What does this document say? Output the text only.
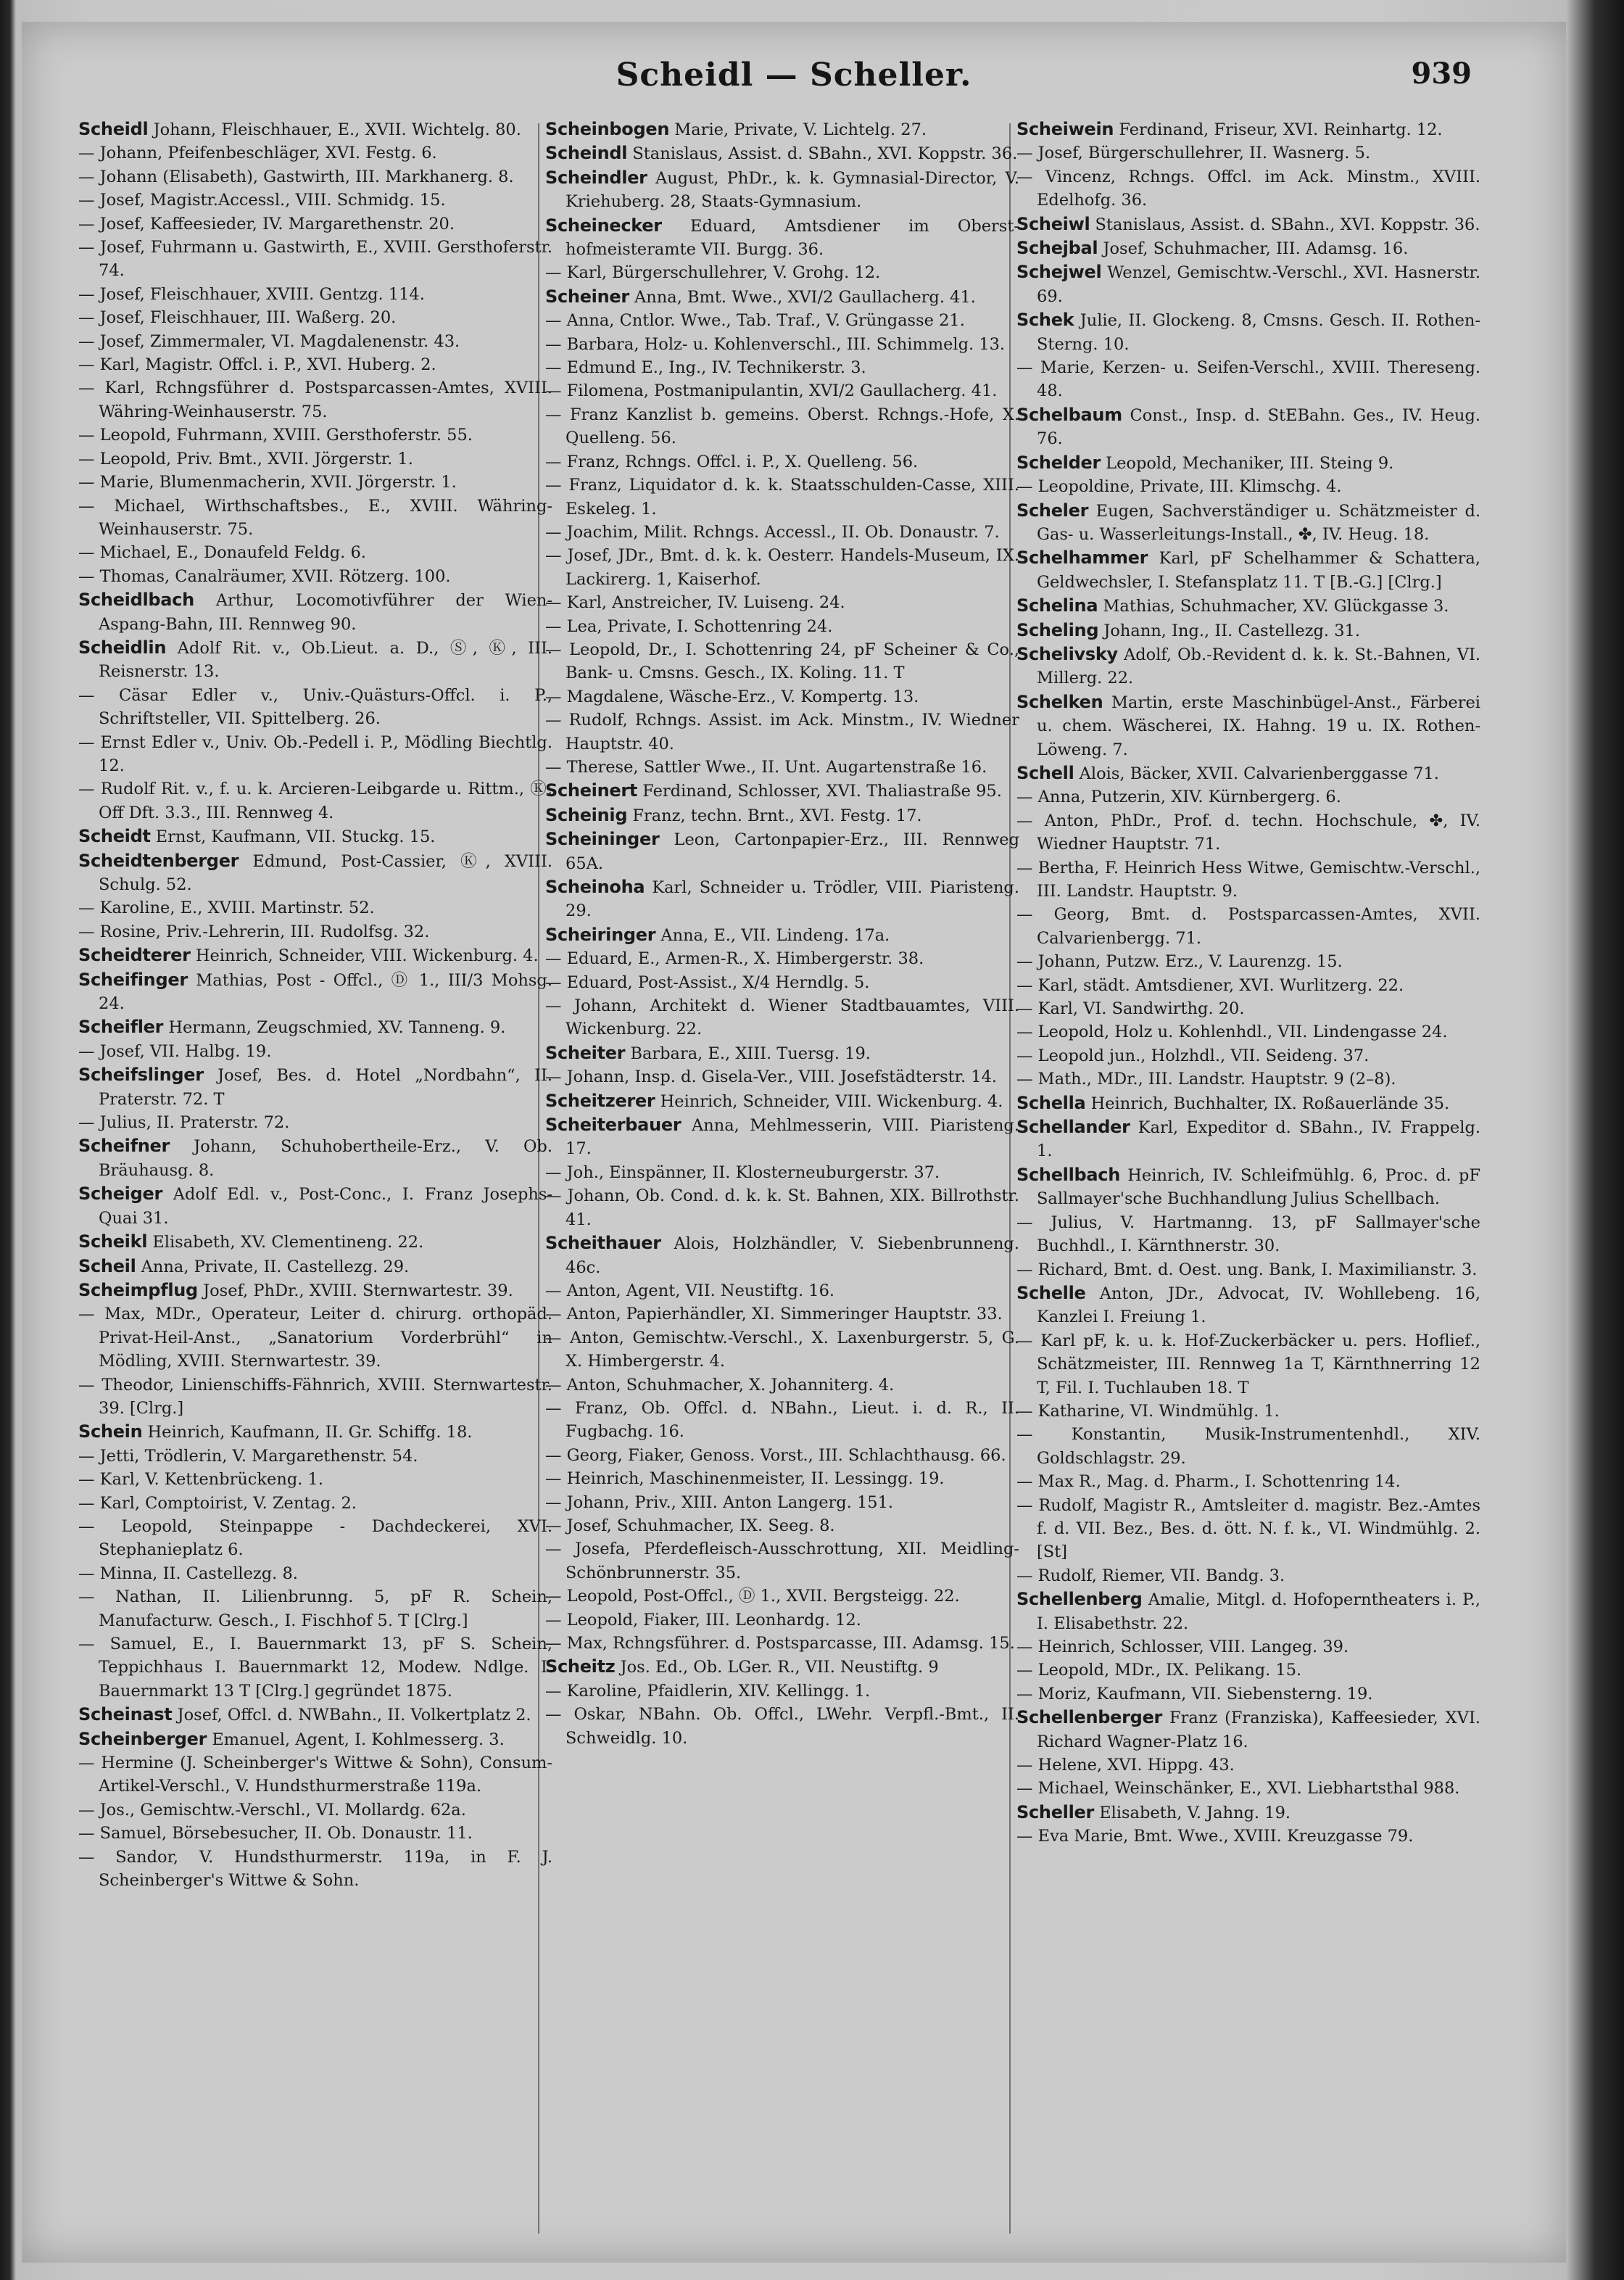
Scheidl — Scheller.	939

Scheidl Johann, Fleischhauer, E., XVII. Wichtelg. 80.

— Johann, Pfeifenbeschläger, XVI. Festg. 6.

— Johann (Elisabeth), Gastwirth, III. Markhanerg. 8.

— Josef, Magistr.Accessl., VIII. Schmidg. 15.

— Josef, Kaffeesieder, IV. Margarethenstr. 20.

— Josef, Fuhrmann u. Gastwirth, E., XVIII. Gersthoferstr. 74.

— Josef, Fleischhauer, XVIII. Gentzg. 114.

— Josef, Fleischhauer, III. Waßerg. 20.

— Josef, Zimmermaler, VI. Magdalenenstr. 43.

— Karl, Magistr. Offcl. i. P., XVI. Huberg. 2.

— Karl, Rchngsführer d. Postsparcassen-Amtes, XVIII. Währing-Weinhauserstr. 75.

— Leopold, Fuhrmann, XVIII. Gersthoferstr. 55.

— Leopold, Priv. Bmt., XVII. Jörgerstr. 1.

— Marie, Blumenmacherin, XVII. Jörgerstr. 1.

— Michael, Wirthschaftsbes., E., XVIII. Währing-Weinhauserstr. 75.

— Michael, E., Donaufeld Feldg. 6.

— Thomas, Canalräumer, XVII. Rötzerg. 100.

Scheidlbach Arthur, Locomotivführer der Wien-Aspang-Bahn, III. Rennweg 90.

Scheidlin Adolf Rit. v., Ob.Lieut. a. D., Ⓢ, Ⓚ, III. Reisnerstr. 13.

— Cäsar Edler v., Univ.-Quästurs-Offcl. i. P., Schriftsteller, VII. Spittelberg. 26.

— Ernst Edler v., Univ. Ob.-Pedell i. P., Mödling Biechtlg. 12.

— Rudolf Rit. v., f. u. k. Arcieren-Leibgarde u. Rittm., Ⓚ, Off Dft. 3.3., III. Rennweg 4.

Scheidt Ernst, Kaufmann, VII. Stuckg. 15.

Scheidtenberger Edmund, Post-Cassier, Ⓚ, XVIII. Schulg. 52.

— Karoline, E., XVIII. Martinstr. 52.

— Rosine, Priv.-Lehrerin, III. Rudolfsg. 32.

Scheidterer Heinrich, Schneider, VIII. Wickenburg. 4.

Scheifinger Mathias, Post - Offcl., Ⓓ 1., III/3 Mohsg. 24.

Scheifler Hermann, Zeugschmied, XV. Tanneng. 9.

— Josef, VII. Halbg. 19.

Scheifslinger Josef, Bes. d. Hotel „Nordbahn“, II. Praterstr. 72. T

— Julius, II. Praterstr. 72.

Scheifner Johann, Schuhobertheile-Erz., V. Ob. Bräuhausg. 8.

Scheiger Adolf Edl. v., Post-Conc., I. Franz Josephs-Quai 31.

Scheikl Elisabeth, XV. Clementineng. 22.

Scheil Anna, Private, II. Castellezg. 29.

Scheimpflug Josef, PhDr., XVIII. Sternwartestr. 39.

— Max, MDr., Operateur, Leiter d. chirurg. orthopäd. Privat-Heil-Anst., „Sanatorium Vorderbrühl“ in Mödling, XVIII. Sternwartestr. 39.

— Theodor, Linienschiffs-Fähnrich, XVIII. Sternwartestr. 39. [Clrg.]

Schein Heinrich, Kaufmann, II. Gr. Schiffg. 18.

— Jetti, Trödlerin, V. Margarethenstr. 54.

— Karl, V. Kettenbrückeng. 1.

— Karl, Comptoirist, V. Zentag. 2.

— Leopold, Steinpappe - Dachdeckerei, XVI. Stephanieplatz 6.

— Minna, II. Castellezg. 8.

— Nathan, II. Lilienbrunng. 5, pF R. Schein, Manufacturw. Gesch., I. Fischhof 5. T [Clrg.]

— Samuel, E., I. Bauernmarkt 13, pF S. Schein, Teppichhaus I. Bauernmarkt 12, Modew. Ndlge. I. Bauernmarkt 13 T [Clrg.] gegründet 1875.

Scheinast Josef, Offcl. d. NWBahn., II. Volkertplatz 2.

Scheinberger Emanuel, Agent, I. Kohlmesserg. 3.

— Hermine (J. Scheinberger's Wittwe & Sohn), Consum-Artikel-Verschl., V. Hundsthurmerstraße 119a.

— Jos., Gemischtw.-Verschl., VI. Mollardg. 62a.

— Samuel, Börsebesucher, II. Ob. Donaustr. 11.

— Sandor, V. Hundsthurmerstr. 119a, in F. J. Scheinberger's Wittwe & Sohn.

Scheinbogen Marie, Private, V. Lichtelg. 27.

Scheindl Stanislaus, Assist. d. SBahn., XVI. Koppstr. 36.

Scheindler August, PhDr., k. k. Gymnasial-Director, V. Kriehuberg. 28, Staats-Gymnasium.

Scheinecker Eduard, Amtsdiener im Oberst-hofmeisteramte VII. Burgg. 36.

— Karl, Bürgerschullehrer, V. Grohg. 12.

Scheiner Anna, Bmt. Wwe., XVI/2 Gaullacherg. 41.

— Anna, Cntlor. Wwe., Tab. Traf., V. Grüngasse 21.

— Barbara, Holz- u. Kohlenverschl., III. Schimmelg. 13.

— Edmund E., Ing., IV. Technikerstr. 3.

— Filomena, Postmanipulantin, XVI/2 Gaullacherg. 41.

— Franz Kanzlist b. gemeins. Oberst. Rchngs.-Hofe, X. Quelleng. 56.

— Franz, Rchngs. Offcl. i. P., X. Quelleng. 56.

— Franz, Liquidator d. k. k. Staatsschulden-Casse, XIII. Eskeleg. 1.

— Joachim, Milit. Rchngs. Accessl., II. Ob. Donaustr. 7.

— Josef, JDr., Bmt. d. k. k. Oesterr. Handels-Museum, IX. Lackirerg. 1, Kaiserhof.

— Karl, Anstreicher, IV. Luiseng. 24.

— Lea, Private, I. Schottenring 24.

— Leopold, Dr., I. Schottenring 24, pF Scheiner & Co., Bank- u. Cmsns. Gesch., IX. Koling. 11. T

— Magdalene, Wäsche-Erz., V. Kompertg. 13.

— Rudolf, Rchngs. Assist. im Ack. Minstm., IV. Wiedner Hauptstr. 40.

— Therese, Sattler Wwe., II. Unt. Augartenstraße 16.

Scheinert Ferdinand, Schlosser, XVI. Thaliastraße 95.

Scheinig Franz, techn. Brnt., XVI. Festg. 17.

Scheininger Leon, Cartonpapier-Erz., III. Rennweg 65A.

Scheinoha Karl, Schneider u. Trödler, VIII. Piaristeng. 29.

Scheiringer Anna, E., VII. Lindeng. 17a.

— Eduard, E., Armen-R., X. Himbergerstr. 38.

— Eduard, Post-Assist., X/4 Herndlg. 5.

— Johann, Architekt d. Wiener Stadtbauamtes, VIII. Wickenburg. 22.

Scheiter Barbara, E., XIII. Tuersg. 19.

— Johann, Insp. d. Gisela-Ver., VIII. Josefstädterstr. 14.

Scheitzerer Heinrich, Schneider, VIII. Wickenburg. 4.

Scheiterbauer Anna, Mehlmesserin, VIII. Piaristeng. 17.

— Joh., Einspänner, II. Klosterneuburgerstr. 37.

— Johann, Ob. Cond. d. k. k. St. Bahnen, XIX. Billrothstr. 41.

Scheithauer Alois, Holzhändler, V. Siebenbrunneng. 46c.

— Anton, Agent, VII. Neustiftg. 16.

— Anton, Papierhändler, XI. Simmeringer Hauptstr. 33.

— Anton, Gemischtw.-Verschl., X. Laxenburgerstr. 5, G. X. Himbergerstr. 4.

— Anton, Schuhmacher, X. Johanniterg. 4.

— Franz, Ob. Offcl. d. NBahn., Lieut. i. d. R., II. Fugbachg. 16.

— Georg, Fiaker, Genoss. Vorst., III. Schlachthausg. 66.

— Heinrich, Maschinenmeister, II. Lessingg. 19.

— Johann, Priv., XIII. Anton Langerg. 151.

— Josef, Schuhmacher, IX. Seeg. 8.

— Josefa, Pferdefleisch-Ausschrottung, XII. Meidling-Schönbrunnerstr. 35.

— Leopold, Post-Offcl., Ⓓ 1., XVII. Bergsteigg. 22.

— Leopold, Fiaker, III. Leonhardg. 12.

— Max, Rchngsführer. d. Postsparcasse, III. Adamsg. 15.

Scheitz Jos. Ed., Ob. LGer. R., VII. Neustiftg. 9

— Karoline, Pfaidlerin, XIV. Kellingg. 1.

— Oskar, NBahn. Ob. Offcl., LWehr. Verpfl.-Bmt., II. Schweidlg. 10.

Scheiwein Ferdinand, Friseur, XVI. Reinhartg. 12.

— Josef, Bürgerschullehrer, II. Wasnerg. 5.

— Vincenz, Rchngs. Offcl. im Ack. Minstm., XVIII. Edelhofg. 36.

Scheiwl Stanislaus, Assist. d. SBahn., XVI. Koppstr. 36.

Schejbal Josef, Schuhmacher, III. Adamsg. 16.

Schejwel Wenzel, Gemischtw.-Verschl., XVI. Hasnerstr. 69.

Schek Julie, II. Glockeng. 8, Cmsns. Gesch. II. Rothen-Sterng. 10.

— Marie, Kerzen- u. Seifen-Verschl., XVIII. Thereseng. 48.

Schelbaum Const., Insp. d. StEBahn. Ges., IV. Heug. 76.

Schelder Leopold, Mechaniker, III. Steing 9.

— Leopoldine, Private, III. Klimschg. 4.

Scheler Eugen, Sachverständiger u. Schätzmeister d. Gas- u. Wasserleitungs-Install., ✤, IV. Heug. 18.

Schelhammer Karl, pF Schelhammer & Schattera, Geldwechsler, I. Stefansplatz 11. T [B.-G.] [Clrg.]

Schelina Mathias, Schuhmacher, XV. Glückgasse 3.

Scheling Johann, Ing., II. Castellezg. 31.

Schelivsky Adolf, Ob.-Revident d. k. k. St.-Bahnen, VI. Millerg. 22.

Schelken Martin, erste Maschinbügel-Anst., Färberei u. chem. Wäscherei, IX. Hahng. 19 u. IX. Rothen-Löweng. 7.

Schell Alois, Bäcker, XVII. Calvarienberggasse 71.

— Anna, Putzerin, XIV. Kürnbergerg. 6.

— Anton, PhDr., Prof. d. techn. Hochschule, ✤, IV. Wiedner Hauptstr. 71.

— Bertha, F. Heinrich Hess Witwe, Gemischtw.-Verschl., III. Landstr. Hauptstr. 9.

— Georg, Bmt. d. Postsparcassen-Amtes, XVII. Calvarienbergg. 71.

— Johann, Putzw. Erz., V. Laurenzg. 15.

— Karl, städt. Amtsdiener, XVI. Wurlitzerg. 22.

— Karl, VI. Sandwirthg. 20.

— Leopold, Holz u. Kohlenhdl., VII. Lindengasse 24.

— Leopold jun., Holzhdl., VII. Seideng. 37.

— Math., MDr., III. Landstr. Hauptstr. 9 (2–8).

Schella Heinrich, Buchhalter, IX. Roßauerlände 35.

Schellander Karl, Expeditor d. SBahn., IV. Frappelg. 1.

Schellbach Heinrich, IV. Schleifmühlg. 6, Proc. d. pF Sallmayer'sche Buchhandlung Julius Schellbach.

— Julius, V. Hartmanng. 13, pF Sallmayer'sche Buchhdl., I. Kärnthnerstr. 30.

— Richard, Bmt. d. Oest. ung. Bank, I. Maximilianstr. 3.

Schelle Anton, JDr., Advocat, IV. Wohllebeng. 16, Kanzlei I. Freiung 1.

— Karl pF, k. u. k. Hof-Zuckerbäcker u. pers. Hoflief., Schätzmeister, III. Rennweg 1a T, Kärnthnerring 12 T, Fil. I. Tuchlauben 18. T

— Katharine, VI. Windmühlg. 1.

— Konstantin, Musik-Instrumentenhdl., XIV. Goldschlagstr. 29.

— Max R., Mag. d. Pharm., I. Schottenring 14.

— Rudolf, Magistr R., Amtsleiter d. magistr. Bez.-Amtes f. d. VII. Bez., Bes. d. ött. N. f. k., VI. Windmühlg. 2. [St]

— Rudolf, Riemer, VII. Bandg. 3.

Schellenberg Amalie, Mitgl. d. Hofoperntheaters i. P., I. Elisabethstr. 22.

— Heinrich, Schlosser, VIII. Langeg. 39.

— Leopold, MDr., IX. Pelikang. 15.

— Moriz, Kaufmann, VII. Siebensterng. 19.

Schellenberger Franz (Franziska), Kaffeesieder, XVI. Richard Wagner-Platz 16.

— Helene, XVI. Hippg. 43.

— Michael, Weinschänker, E., XVI. Liebhartsthal 988.

Scheller Elisabeth, V. Jahng. 19.

— Eva Marie, Bmt. Wwe., XVIII. Kreuzgasse 79.
